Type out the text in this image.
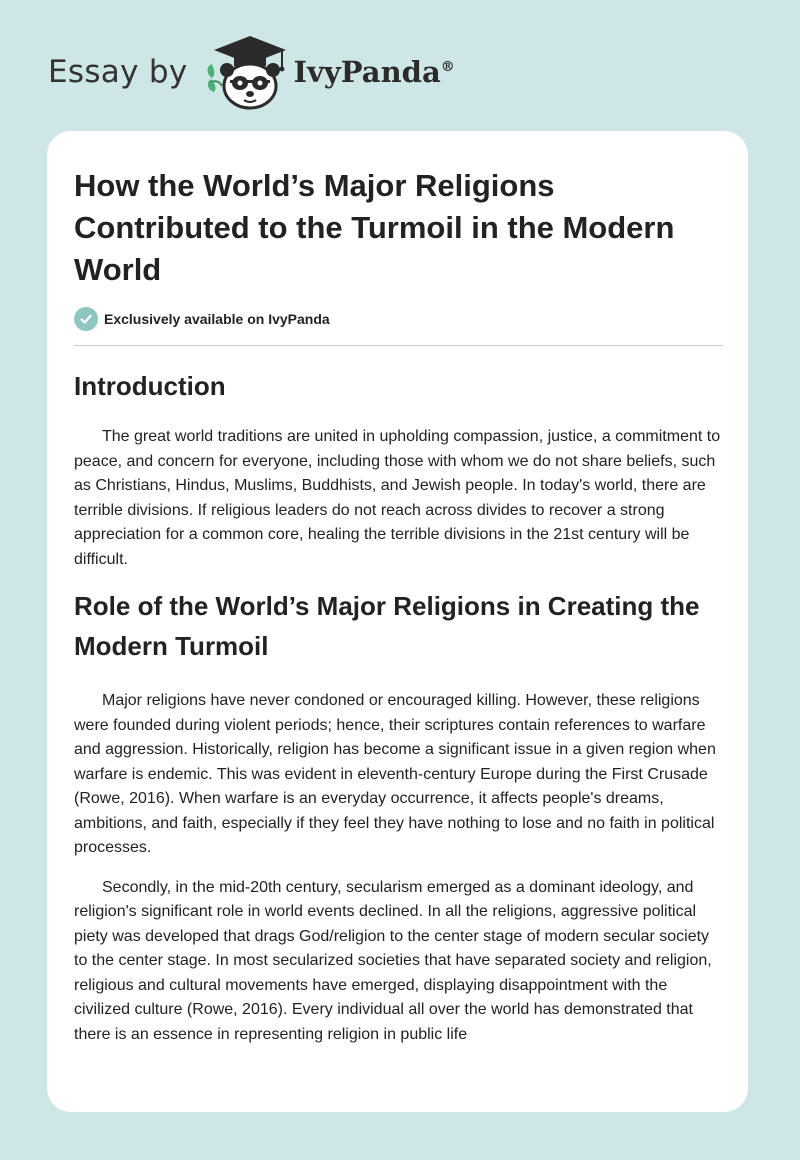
Essay by	IvyPanda®
How the World’s Major Religions Contributed to the Turmoil in the Modern World
Exclusively available on IvyPanda
Introduction

The great world traditions are united in upholding compassion, justice, a commitment to peace, and concern for everyone, including those with whom we do not share beliefs, such as Christians, Hindus, Muslims, Buddhists, and Jewish people. In today's world, there are terrible divisions. If religious leaders do not reach across divides to recover a strong appreciation for a common core, healing the terrible divisions in the 21st century will be difficult.

Role of the World’s Major Religions in Creating the Modern Turmoil

Major religions have never condoned or encouraged killing. However, these religions were founded during violent periods; hence, their scriptures contain references to warfare and aggression. Historically, religion has become a significant issue in a given region when warfare is endemic. This was evident in eleventh-century Europe during the First Crusade (Rowe, 2016). When warfare is an everyday occurrence, it affects people's dreams, ambitions, and faith, especially if they feel they have nothing to lose and no faith in political processes.

Secondly, in the mid-20th century, secularism emerged as a dominant ideology, and religion's significant role in world events declined. In all the religions, aggressive political piety was developed that drags God/religion to the center stage of modern secular society to the center stage. In most secularized societies that have separated society and religion, religious and cultural movements have emerged, displaying disappointment with the civilized culture (Rowe, 2016). Every individual all over the world has demonstrated that there is an essence in representing religion in public life
